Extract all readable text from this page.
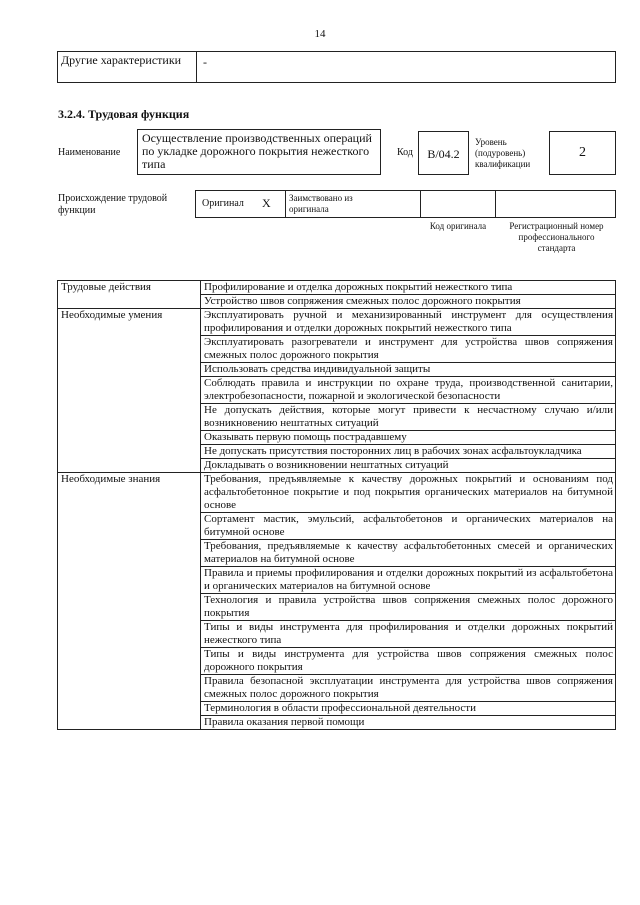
14
Другие характеристики	-
3.2.4. Трудовая функция
Наименование
Осуществление производственных операций по укладке дорожного покрытия нежесткого типа
Код	B/04.2
Уровень (подуровень) квалификации
2
Происхождение трудовой функции
Оригинал X Заимствовано из оригинала
Код оригинала	Регистрационный номер профессионального стандарта
Трудовые действия	Профилирование и отделка дорожных покрытий нежесткого типа
	Устройство швов сопряжения смежных полос дорожного покрытия
Необходимые умения	Эксплуатировать ручной и механизированный инструмент для осуществления профилирования и отделки дорожных покрытий нежесткого типа
	Эксплуатировать разогреватели и инструмент для устройства швов сопряжения смежных полос дорожного покрытия
	Использовать средства индивидуальной защиты
	Соблюдать правила и инструкции по охране труда, производственной санитарии, электробезопасности, пожарной и экологической безопасности
	Не допускать действия, которые могут привести к несчастному случаю и/или возникновению нештатных ситуаций
	Оказывать первую помощь пострадавшему
	Не допускать присутствия посторонних лиц в рабочих зонах асфальтоукладчика
	Докладывать о возникновении нештатных ситуаций
Необходимые знания	Требования, предъявляемые к качеству дорожных покрытий и основаниям под асфальтобетонное покрытие и под покрытия органических материалов на битумной основе
	Сортамент мастик, эмульсий, асфальтобетонов и органических материалов на битумной основе
	Требования, предъявляемые к качеству асфальтобетонных смесей и органических материалов на битумной основе
	Правила и приемы профилирования и отделки дорожных покрытий из асфальтобетона и органических материалов на битумной основе
	Технология и правила устройства швов сопряжения смежных полос дорожного покрытия
	Типы и виды инструмента для профилирования и отделки дорожных покрытий нежесткого типа
	Типы и виды инструмента для устройства швов сопряжения смежных полос дорожного покрытия
	Правила безопасной эксплуатации инструмента для устройства швов сопряжения смежных полос дорожного покрытия
	Терминология в области профессиональной деятельности
	Правила оказания первой помощи
